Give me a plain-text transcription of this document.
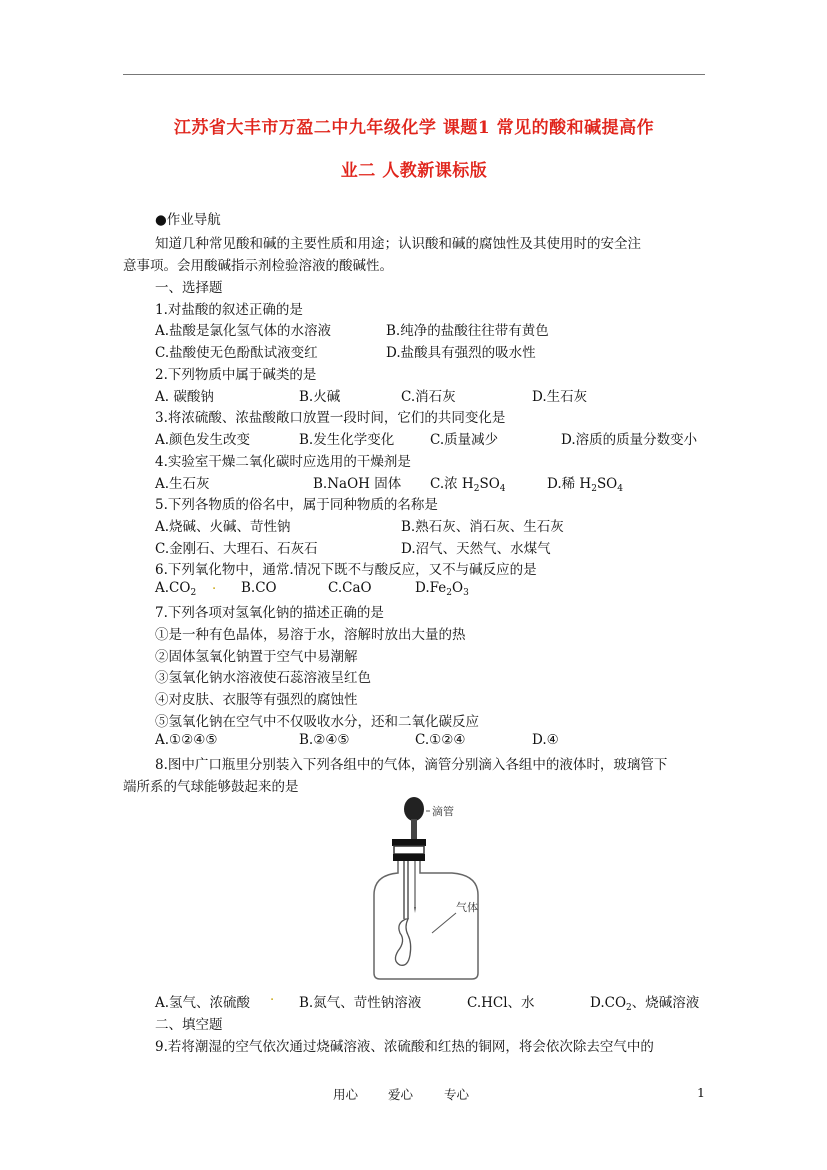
江苏省大丰市万盈二中九年级化学 课题1 常见的酸和碱提高作
业二 人教新课标版
●作业导航
知道几种常见酸和碱的主要性质和用途；认识酸和碱的腐蚀性及其使用时的安全注
意事项。会用酸碱指示剂检验溶液的酸碱性。
一、选择题
1.对盐酸的叙述正确的是
A.盐酸是氯化氢气体的水溶液	B.纯净的盐酸往往带有黄色
C.盐酸使无色酚酞试液变红	D.盐酸具有强烈的吸水性
2.下列物质中属于碱类的是
A. 碳酸钠	B.火碱	C.消石灰	D.生石灰
3.将浓硫酸、浓盐酸敞口放置一段时间，它们的共同变化是
A.颜色发生改变	B.发生化学变化	C.质量减少	D.溶质的质量分数变小
4.实验室干燥二氧化碳时应选用的干燥剂是
A.生石灰	B.NaOH 固体 C.浓 $H_2SO_4$	D.稀 $H_2SO_4$
5.下列各物质的俗名中，属于同种物质的名称是
A.烧碱、火碱、苛性钠	B.熟石灰、消石灰、生石灰
C.金刚石、大理石、石灰石	D.沼气、天然气、水煤气
6.下列氧化物中，通常.情况下既不与酸反应，又不与碱反应的是
$A.CO_2$ . B.CO	C.CaO	$D.Fe_2O_3$
7.下列各项对氢氧化钠的描述正确的是
①是一种有色晶体，易溶于水，溶解时放出大量的热
②固体氢氧化钠置于空气中易潮解
③氢氧化钠水溶液使石蕊溶液呈红色
④对皮肤、衣服等有强烈的腐蚀性
⑤氢氧化钠在空气中不仅吸收水分，还和二氧化碳反应
A.①②④⑤	B.②④⑤	C.①②④	D.④
8.图中广口瓶里分别装入下列各组中的气体，滴管分别滴入各组中的液体时，玻璃管下
端所系的气球能够鼓起来的是
滴管
气体
A.氢气、浓硫酸 . B.氮气、苛性钠溶液	C.HCl、水	$D.CO_2$、烧碱溶液
二、填空题
9.若将潮湿的空气依次通过烧碱溶液、浓硫酸和红热的铜网，将会依次除去空气中的
用心 爱心 专心	1
